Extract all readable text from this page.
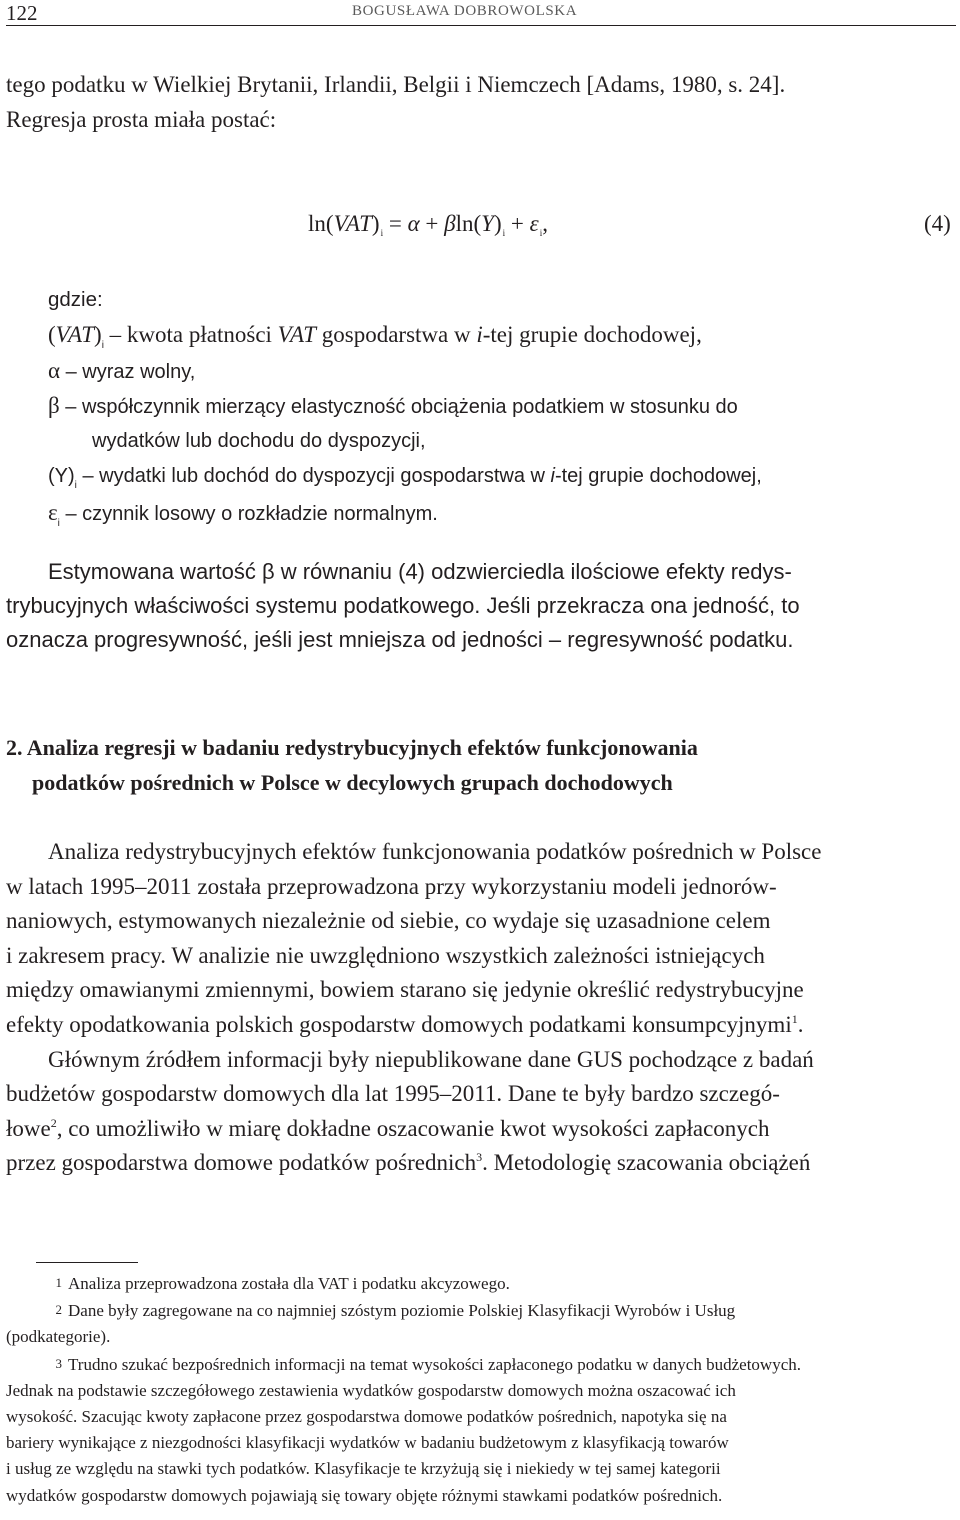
122	BOGUSŁAWA DOBROWOLSKA
tego podatku w Wielkiej Brytanii, Irlandii, Belgii i Niemczech [Adams, 1980, s. 24].
Regresja prosta miała postać:
$\ln(VAT)_i = \alpha + \beta\ln(Y)_i + \varepsilon_i$,	(4)
gdzie:
$(VAT)_i$ – kwota płatności VAT gospodarstwa w i-tej grupie dochodowej,
α – wyraz wolny,
β – współczynnik mierzący elastyczność obciążenia podatkiem w stosunku do
wydatków lub dochodu do dyspozycji,
$(Y)_i$ – wydatki lub dochód do dyspozycji gospodarstwa w i-tej grupie dochodowej,
$\varepsilon_i$ – czynnik losowy o rozkładzie normalnym.
Estymowana wartość β w równaniu (4) odzwierciedla ilościowe efekty redys-
trybucyjnych właściwości systemu podatkowego. Jeśli przekracza ona jedność, to
oznacza progresywność, jeśli jest mniejsza od jedności – regresywność podatku.
2. Analiza regresji w badaniu redystrybucyjnych efektów funkcjonowania
podatków pośrednich w Polsce w decylowych grupach dochodowych
Analiza redystrybucyjnych efektów funkcjonowania podatków pośrednich w Polsce
w latach 1995–2011 została przeprowadzona przy wykorzystaniu modeli jednorów-
naniowych, estymowanych niezależnie od siebie, co wydaje się uzasadnione celem
i zakresem pracy. W analizie nie uwzględniono wszystkich zależności istniejących
między omawianymi zmiennymi, bowiem starano się jedynie określić redystrybucyjne
efekty opodatkowania polskich gospodarstw domowych podatkami konsumpcyjnymi$^1$.
Głównym źródłem informacji były niepublikowane dane GUS pochodzące z badań
budżetów gospodarstw domowych dla lat 1995–2011. Dane te były bardzo szczegó-
łowe$^2$, co umożliwiło w miarę dokładne oszacowanie kwot wysokości zapłaconych
przez gospodarstwa domowe podatków pośrednich$^3$. Metodologię szacowania obciążeń
1 Analiza przeprowadzona została dla VAT i podatku akcyzowego.
2 Dane były zagregowane na co najmniej szóstym poziomie Polskiej Klasyfikacji Wyrobów i Usług
(podkategorie).
3 Trudno szukać bezpośrednich informacji na temat wysokości zapłaconego podatku w danych budżetowych.
Jednak na podstawie szczegółowego zestawienia wydatków gospodarstw domowych można oszacować ich
wysokość. Szacując kwoty zapłacone przez gospodarstwa domowe podatków pośrednich, napotyka się na
bariery wynikające z niezgodności klasyfikacji wydatków w badaniu budżetowym z klasyfikacją towarów
i usług ze względu na stawki tych podatków. Klasyfikacje te krzyżują się i niekiedy w tej samej kategorii
wydatków gospodarstw domowych pojawiają się towary objęte różnymi stawkami podatków pośrednich.
